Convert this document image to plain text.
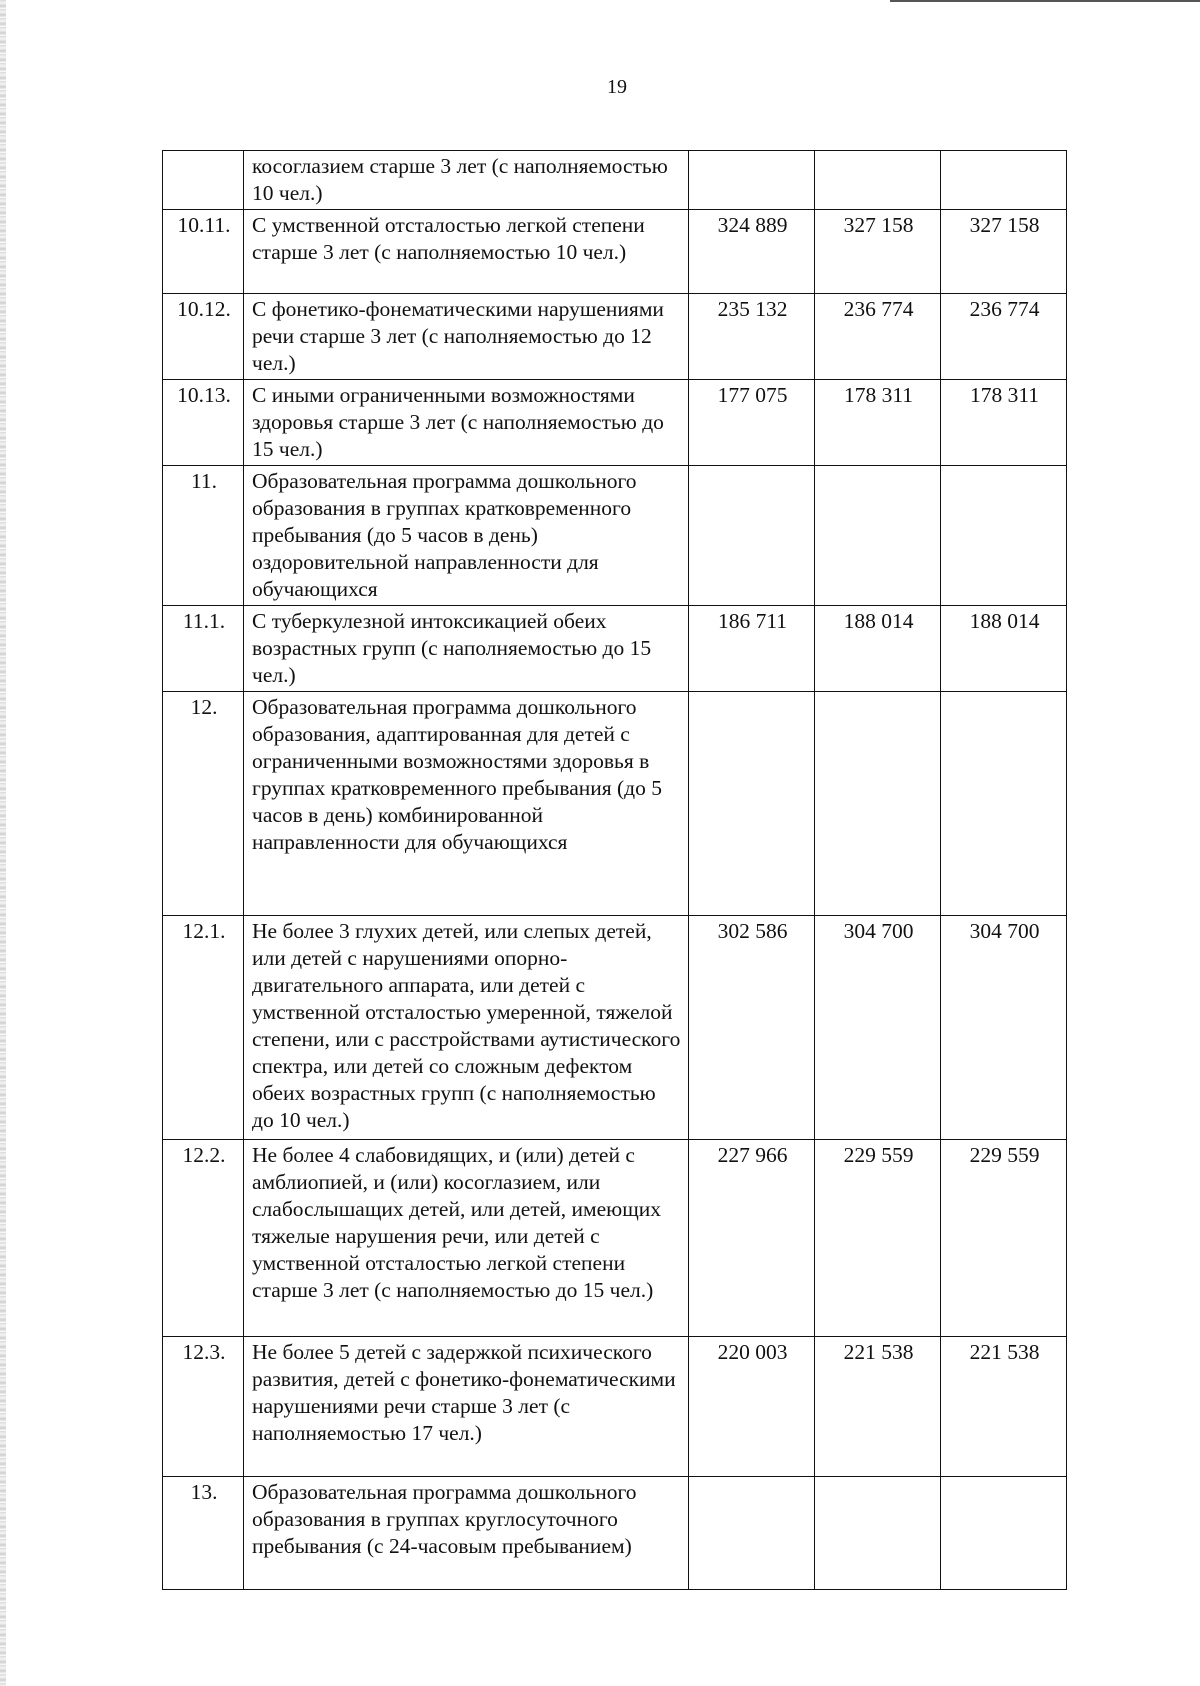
19
	косоглазием старше 3 лет (с наполняемостью 10 чел.)			
10.11.	С умственной отсталостью легкой степени старше 3 лет (с наполняемостью 10 чел.)	324 889	327 158	327 158
10.12.	С фонетико-фонематическими нарушениями речи старше 3 лет (с наполняемостью до 12 чел.)	235 132	236 774	236 774
10.13.	С иными ограниченными возможностями здоровья старше 3 лет (с наполняемостью до 15 чел.)	177 075	178 311	178 311
11.	Образовательная программа дошкольного образования в группах кратковременного пребывания (до 5 часов в день) оздоровительной направленности для обучающихся			
11.1.	С туберкулезной интоксикацией обеих возрастных групп (с наполняемостью до 15 чел.)	186 711	188 014	188 014
12.	Образовательная программа дошкольного образования, адаптированная для детей с ограниченными возможностями здоровья в группах кратковременного пребывания (до 5 часов в день) комбинированной направленности для обучающихся			
12.1.	Не более 3 глухих детей, или слепых детей, или детей с нарушениями опорно-двигательного аппарата, или детей с умственной отсталостью умеренной, тяжелой степени, или с расстройствами аутистического спектра, или детей со сложным дефектом обеих возрастных групп (с наполняемостью до 10 чел.)	302 586	304 700	304 700
12.2.	Не более 4 слабовидящих, и (или) детей с амблиопией, и (или) косоглазием, или слабослышащих детей, или детей, имеющих тяжелые нарушения речи, или детей с умственной отсталостью легкой степени старше 3 лет (с наполняемостью до 15 чел.)	227 966	229 559	229 559
12.3.	Не более 5 детей с задержкой психического развития, детей с фонетико-фонематическими нарушениями речи старше 3 лет (с наполняемостью 17 чел.)	220 003	221 538	221 538
13.	Образовательная программа дошкольного образования в группах круглосуточного пребывания (с 24-часовым пребыванием)			
